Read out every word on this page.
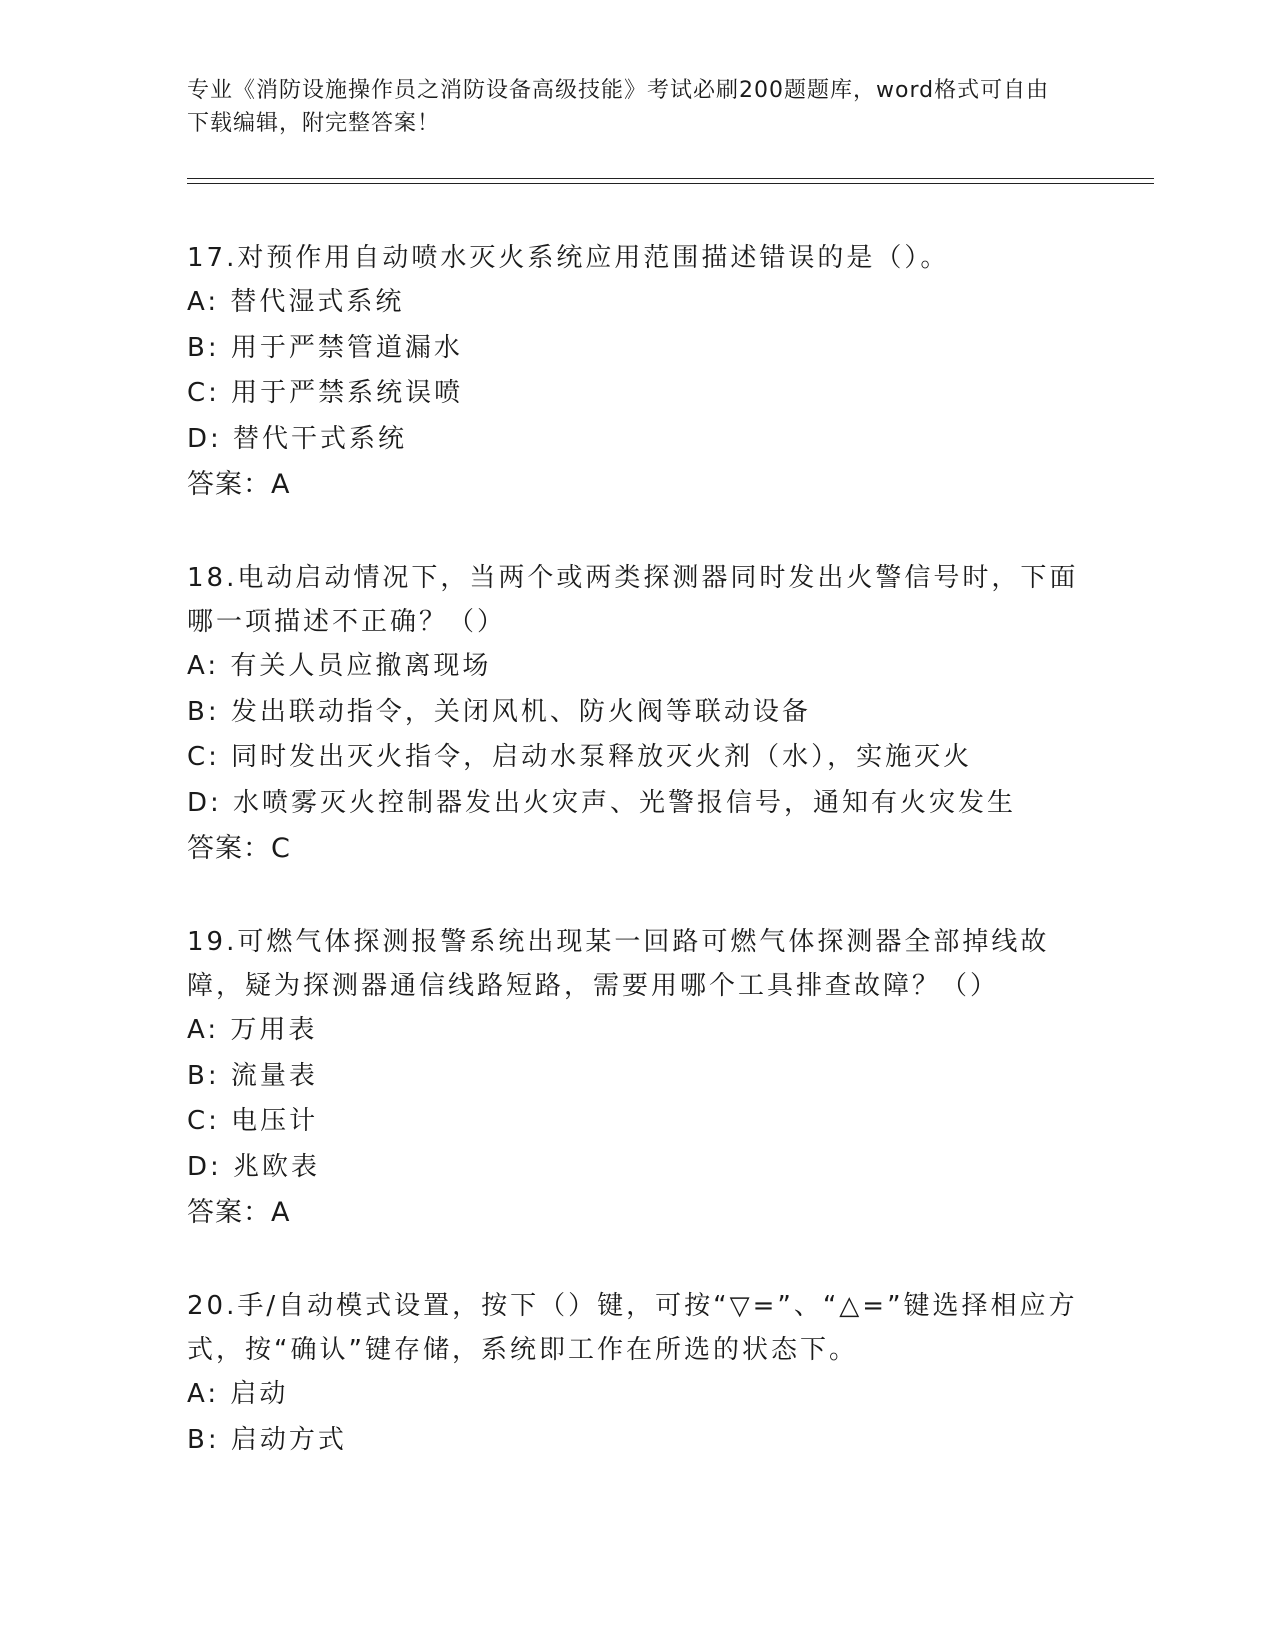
专业《消防设施操作员之消防设备高级技能》考试必刷200题题库，word格式可自由下载编辑，附完整答案！

17.对预作用自动喷水灭火系统应用范围描述错误的是（）。

A: 替代湿式系统
B: 用于严禁管道漏水
C: 用于严禁系统误喷
D: 替代干式系统
答案：A

18.电动启动情况下，当两个或两类探测器同时发出火警信号时，下面哪一项描述不正确？（）

A: 有关人员应撤离现场
B: 发出联动指令，关闭风机、防火阀等联动设备
C: 同时发出灭火指令，启动水泵释放灭火剂（水），实施灭火
D: 水喷雾灭火控制器发出火灾声、光警报信号，通知有火灾发生
答案：C

19.可燃气体探测报警系统出现某一回路可燃气体探测器全部掉线故障，疑为探测器通信线路短路，需要用哪个工具排查故障？（）

A: 万用表
B: 流量表
C: 电压计
D: 兆欧表
答案：A

20.手/自动模式设置，按下（）键，可按“▽=”、“△=”键选择相应方式，按“确认”键存储，系统即工作在所选的状态下。

A: 启动
B: 启动方式
